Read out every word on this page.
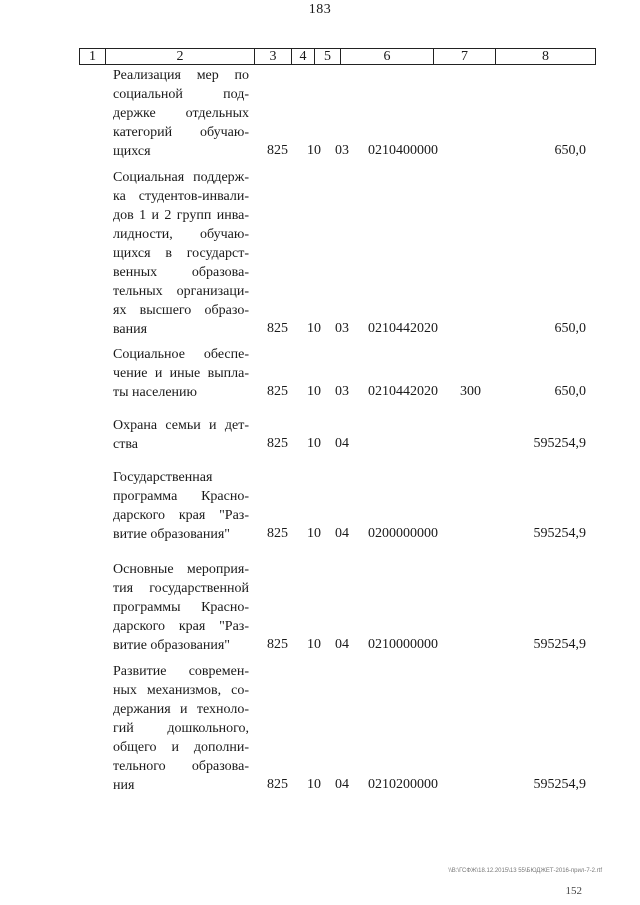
183
1	2	3	4	5	6	7	8
Реализация мер по
социальной под-
держке отдельных
категорий обучаю-
щихся	825 10 03 0210400000	650,0
Социальная поддерж-
ка студентов-инвали-
дов 1 и 2 групп инва-
лидности, обучаю-
щихся в государст-
венных образова-
тельных организаци-
ях высшего образо-
вания	825 10 03 0210442020	650,0
Социальное обеспе-
чение и иные выпла-
ты населению	825 10 03 0210442020 300	650,0
Охрана семьи и дет-
ства	825 10 04	595254,9
Государственная
программа Красно-
дарского края "Раз-
витие образования"	825 10 04 0200000000	595254,9
Основные мероприя-
тия государственной
программы Красно-
дарского края "Раз-
витие образования"	825 10 04 0210000000	595254,9
Развитие современ-
ных механизмов, со-
держания и техноло-
гий дошкольного,
общего и дополни-
тельного образова-
ния	825 10 04 0210200000	595254,9
\\B:\ГСФЖ\18.12.2015\13 55\БЮДЖЕТ-2016-прил-7-2.rtf
152
